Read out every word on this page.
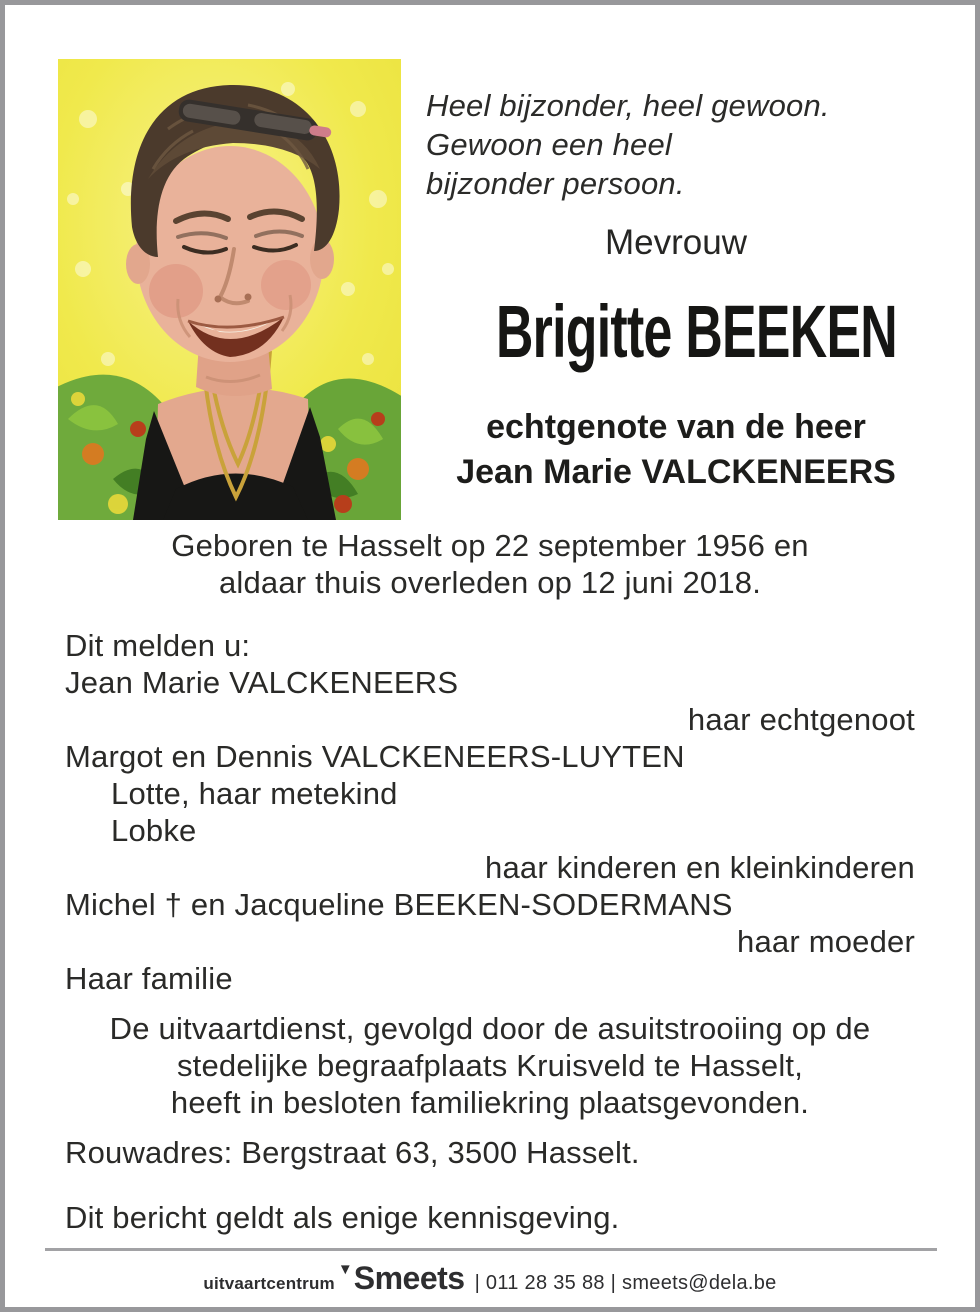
Heel bijzonder, heel gewoon.
Gewoon een heel
bijzonder persoon.
Mevrouw
Brigitte BEEKEN
echtgenote van de heer
Jean Marie VALCKENEERS
Geboren te Hasselt op 22 september 1956 en
aldaar thuis overleden op 12 juni 2018.
Dit melden u:
Jean Marie VALCKENEERS
haar echtgenoot
Margot en Dennis VALCKENEERS-LUYTEN
Lotte, haar metekind
Lobke
haar kinderen en kleinkinderen
Michel † en Jacqueline BEEKEN-SODERMANS
haar moeder
Haar familie
De uitvaartdienst, gevolgd door de asuitstrooiing op de
stedelijke begraafplaats Kruisveld te Hasselt,
heeft in besloten familiekring plaatsgevonden.
Rouwadres: Bergstraat 63, 3500 Hasselt.
Dit bericht geldt als enige kennisgeving.
uitvaartcentrum
▼ Smeets | 011 28 35 88 | smeets@dela.be
